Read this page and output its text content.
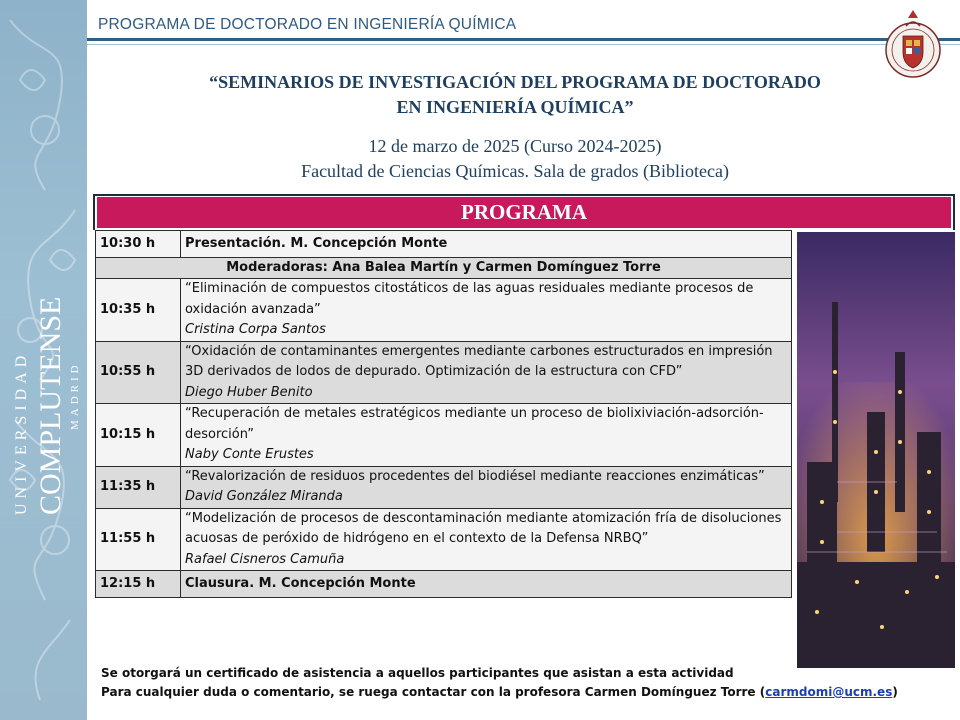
UNIVERSIDAD COMPLUTENSE MADRID
PROGRAMA DE DOCTORADO EN INGENIERÍA QUÍMICA
“SEMINARIOS DE INVESTIGACIÓN DEL PROGRAMA DE DOCTORADO
EN INGENIERÍA QUÍMICA”
12 de marzo de 2025 (Curso 2024-2025)
Facultad de Ciencias Químicas. Sala de grados (Biblioteca)
PROGRAMA
10:30 h	Presentación. M. Concepción Monte
Moderadoras: Ana Balea Martín y Carmen Domínguez Torre	
10:35 h	“Eliminación de compuestos citostáticos de las aguas residuales mediante procesos de oxidación avanzada”
Cristina Corpa Santos

10:55 h	“Oxidación de contaminantes emergentes mediante carbones estructurados en impresión 3D derivados de lodos de depurado. Optimización de la estructura con CFD”
Diego Huber Benito

10:15 h	“Recuperación de metales estratégicos mediante un proceso de biolixiviación-adsorción-desorción”
Naby Conte Erustes

11:35 h	“Revalorización de residuos procedentes del biodiésel mediante reacciones enzimáticas”
David González Miranda

11:55 h	“Modelización de procesos de descontaminación mediante atomización fría de disoluciones acuosas de peróxido de hidrógeno en el contexto de la Defensa NRBQ”
Rafael Cisneros Camuña

12:15 h	Clausura. M. Concepción Monte
Se otorgará un certificado de asistencia a aquellos participantes que asistan a esta actividad
Para cualquier duda o comentario, se ruega contactar con la profesora Carmen Domínguez Torre (carmdomi@ucm.es)
